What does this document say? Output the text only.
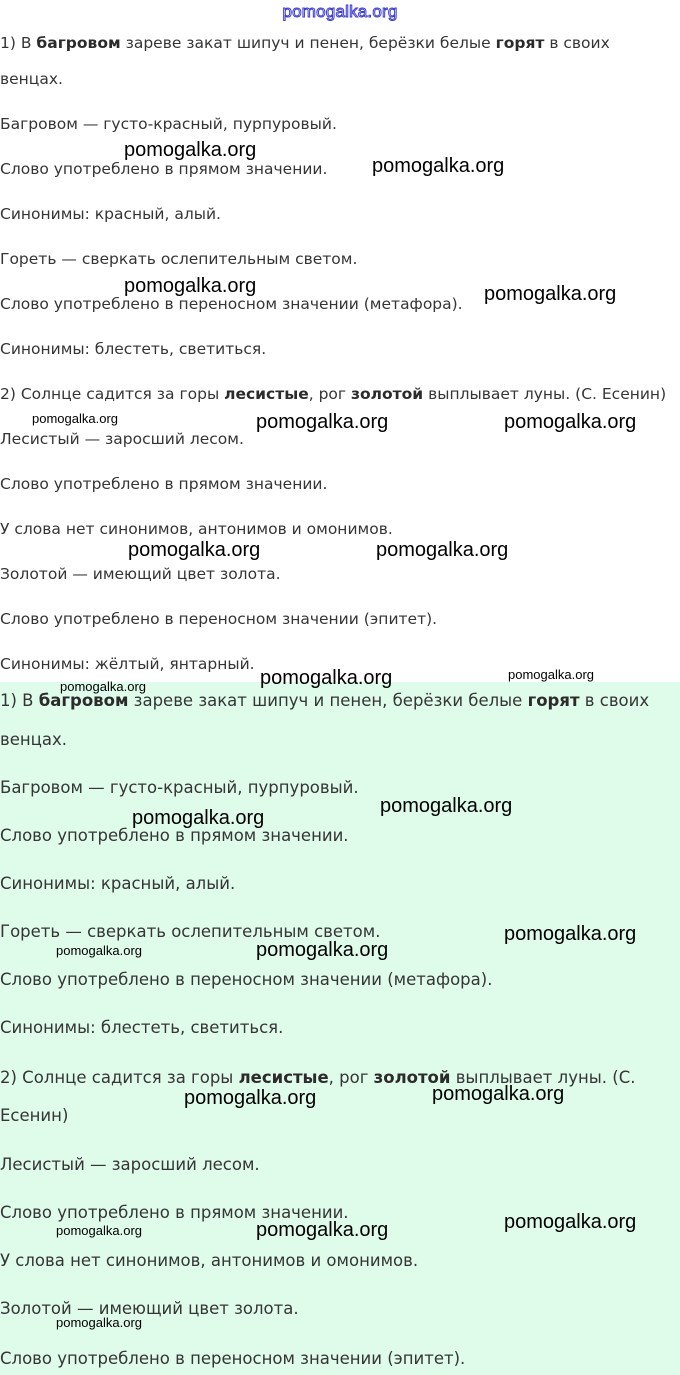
pomogalka.org

1) В багровом зареве закат шипуч и пенен, берёзки белые горят в своих

венцах.

Багровом — густо-красный, пурпуровый.

Слово употреблено в прямом значении.

Синонимы: красный, алый.

Гореть — сверкать ослепительным светом.

Слово употреблено в переносном значении (метафора).

Синонимы: блестеть, светиться.

2) Солнце садится за горы лесистые, рог золотой выплывает луны. (С. Есенин)

Лесистый — заросший лесом.

Слово употреблено в прямом значении.

У слова нет синонимов, антонимов и омонимов.

Золотой — имеющий цвет золота.

Слово употреблено в переносном значении (эпитет).

Синонимы: жёлтый, янтарный.

1) В багровом зареве закат шипуч и пенен, берёзки белые горят в своих

венцах.

Багровом — густо-красный, пурпуровый.

Слово употреблено в прямом значении.

Синонимы: красный, алый.

Гореть — сверкать ослепительным светом.

Слово употреблено в переносном значении (метафора).

Синонимы: блестеть, светиться.

2) Солнце садится за горы лесистые, рог золотой выплывает луны. (С.

Есенин)

Лесистый — заросший лесом.

Слово употреблено в прямом значении.

У слова нет синонимов, антонимов и омонимов.

Золотой — имеющий цвет золота.

Слово употреблено в переносном значении (эпитет).

pomogalka.org
pomogalka.org
pomogalka.org	pomogalka.org
pomogalka.org	pomogalka.org	pomogalka.org
pomogalka.org	pomogalka.org
pomogalka.org	pomogalka.org
pomogalka.org
pomogalka.org
pomogalka.org
pomogalka.org
pomogalka.org	pomogalka.org
pomogalka.org	pomogalka.org
pomogalka.org
pomogalka.org	pomogalka.org
pomogalka.org
